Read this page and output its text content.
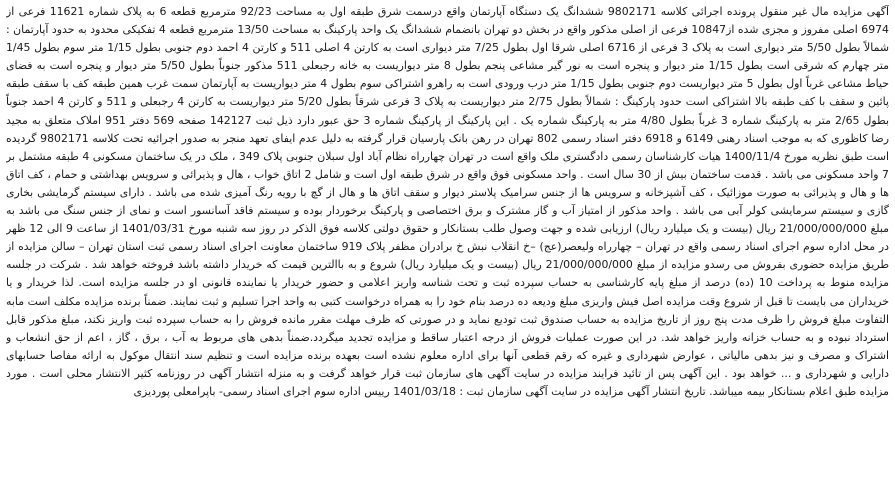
آگهی مزایده مال غیر منقول پرونده اجرائی کلاسه 9802171 ششدانگ یک دستگاه آپارتمان واقع درسمت شرق طبقه اول به مساحت 92/23 مترمربع قطعه 6 به پلاک شماره 11621 فرعی از 6974 اصلی مفروز و مجزی شده از10847 فرعی از اصلی مذکور واقع در بخش دو تهران بانضمام ششدانگ یک واحد پارکینگ به مساحت 13/50 مترمربع قطعه 4 تفکیکی محدود به حدود آپارتمان : شمالاً بطول 5/50 متر دیواری است به پلاک 3 فرعی از 6716 اصلی شرقا اول بطول 7/25 متر دیواری است به کارتن 4 اصلی 511 و کارتن 4 احمد دوم جنوبی بطول 1/15 متر سوم بطول 1/45 متر چهارم که شرقی است بطول 1/15 متر دیوار و پنجره است به نور گیر مشاعی پنجم بطول 8 متر دیواریست به خانه رجبعلی 511 مذکور جنوباً بطول 5/50 متر دیوار و پنجره است به فضای حیاط مشاعی غرباً اول بطول 5 متر دیواریست دوم جنوبی بطول 1/15 متر درب ورودی است به راهرو اشتراکی سوم بطول 4 متر دیواریست به آپارتمان سمت غرب همین طبقه کف با سقف طبقه پائین و سقف با کف طبقه بالا اشتراکی است حدود پارکینگ : شمالاً بطول 2/75 متر دیواریست به پلاک 3 فرعی شرقاً بطول 5/20 متر دیواریست به کارتن 4 رجبعلی و 511 و کارتن 4 احمد جنوباً بطول 2/65 متر به پارکینگ شماره 3 غرباً بطول 4/80 متر به پارکینگ شماره یک . این پارکینگ از پارکینگ شماره 3 حق عبور دارد ذیل ثبت 142127 صفحه 569 دفتر 951 املاک متعلق به مجید رضا کاظوری که به موجب اسناد رهنی 6149 و 6918 دفتر اسناد رسمی 802 تهران در رهن بانک پارسیان قرار گرفته به دلیل عدم ایفای تعهد منجر به صدور اجرائیه تحت کلاسه 9802171 گردیده است طبق نظریه مورخ 1400/11/4 هیات کارشناسان رسمی دادگستری ملک واقع است در تهران چهارراه نظام آباد اول سبلان جنوبی پلاک 349 ، ملک در یک ساختمان مسکونی 4 طبقه مشتمل بر 7 واحد مسکونی می باشد . قدمت ساختمان بیش از 30 سال است . واحد مسکونی فوق واقع در شرق طبقه اول است و شامل 2 اتاق خواب ، هال و پذیرائی و سرویس بهداشتی و حمام ، کف اتاق ها و هال و پذیرائی به صورت موزائیک ، کف آشپزخانه و سرویس ها از جنس سرامیک پلاستر دیوار و سقف اتاق ها و هال از گچ با رویه رنگ آمیزی شده می باشد . دارای سیستم گرمایشی بخاری گازی و سیستم سرمایشی کولر آبی می باشد . واحد مذکور از امتیاز آب و گاز مشترک و برق اختصاصی و پارکینگ برخوردار بوده و سیستم فاقد آسانسور است و نمای از جنس سنگ می باشد به مبلغ 21/000/000/000 ریال (بیست و یک میلیارد ریال) ارزیابی شده و جهت وصول طلب بستانکار و حقوق دولتی کلاسه فوق الذکر در روز سه شنبه مورخ 1401/03/31 از ساعت 9 الی 12 ظهر در محل اداره سوم اجرای اسناد رسمی واقع در تهران – چهارراه ولیعصر(عج) –خ انقلاب نبش خ برادران مظفر پلاک 919 ساختمان معاونت اجرای اسناد رسمی ثبت استان تهران – سالن مزایده از طریق مزایده حضوری بفروش می رسدو مزایده از مبلغ 21/000/000/000 ریال (بیست و یک میلیارد ریال) شروع و به باالترین قیمت که خریدار داشته باشد فروخته خواهد شد . شرکت در جلسه مزایده منوط به پرداخت 10 (ده) درصد از مبلغ پایه کارشناسی به حساب سپرده ثبت و تحت شناسه واریز اعلامی و حضور خریدار یا نماینده قانونی او در جلسه مزایده است. لذا خریدار و یا خریداران می بایست تا قبل از شروع وقت مزایده اصل فیش واریزی مبلغ ودیعه ده درصد بنام خود را به همراه درخواست کتبی به واحد اجرا تسلیم و ثبت نمایند. ضمناً برنده مزایده مکلف است مابه التفاوت مبلغ فروش را ظرف مدت پنج روز از تاریخ مزایده به حساب صندوق ثبت تودیع نماید و در صورتی که ظرف مهلت مقرر مانده فروش را به حساب سپرده ثبت واریز نکند، مبلغ مذکور قابل استرداد نبوده و به حساب خزانه واریز خواهد شد. در این صورت عملیات فروش از درجه اعتبار ساقط و مزایده تجدید میگردد.ضمناً بدهی های مربوط به آب ، برق ، گاز ، اعم از حق انشعاب و اشتراک و مصرف و نیز بدهی مالیاتی ، عوارض شهرداری و غیره که رقم قطعی آنها برای اداره معلوم نشده است بعهده برنده مزایده است و تنظیم سند انتقال موکول به ارائه مفاصا حسابهای دارایی و شهرداری و ... خواهد بود . این آگهی پس از تائید فرایند مزایده در سایت آگهی های سازمان ثبت قرار خواهد گرفت و به منزله انتشار آگهی در روزنامه کثیر الانتشار محلی است . مورد مزایده طبق اعلام بستانکار بیمه میباشد. تاریخ انتشار آگهی مزایده در سایت آگهی سازمان ثبت : 1401/03/18 رییس اداره سوم اجرای اسناد رسمی- باپرامعلی پوردیزی
